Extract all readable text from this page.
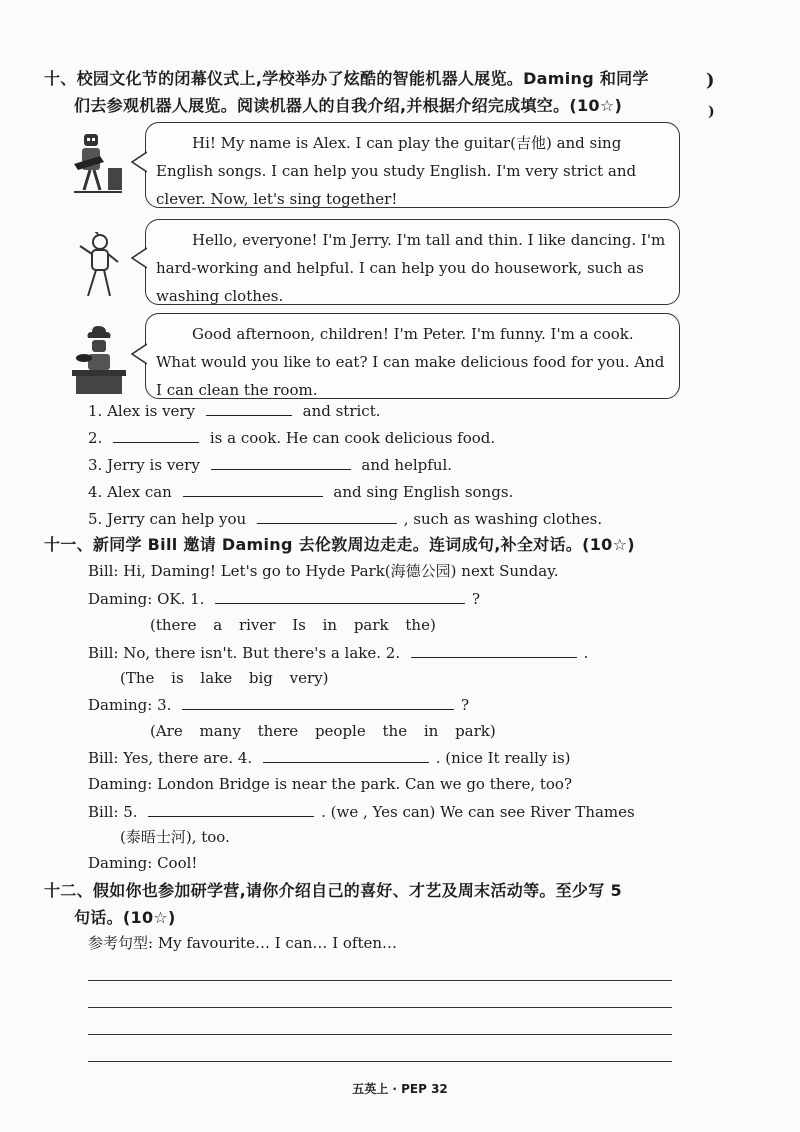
)
)
十、校园文化节的闭幕仪式上,学校举办了炫酷的智能机器人展览。Daming 和同学
们去参观机器人展览。阅读机器人的自我介绍,并根据介绍完成填空。(10☆)
Hi! My name is Alex. I can play the guitar(吉他) and sing
English songs. I can help you study English. I'm very strict and
clever. Now, let's sing together!
Hello, everyone! I'm Jerry. I'm tall and thin. I like dancing. I'm
hard-working and helpful. I can help you do housework, such as
washing clothes.
Good afternoon, children! I'm Peter. I'm funny. I'm a cook.
What would you like to eat? I can make delicious food for you. And
I can clean the room.
1. Alex is very	and strict.
2.	is a cook. He can cook delicious food.
3. Jerry is very	and helpful.
4. Alex can	and sing English songs.
5. Jerry can help you	, such as washing clothes.
十一、新同学 Bill 邀请 Daming 去伦敦周边走走。连词成句,补全对话。(10☆)
Bill: Hi, Daming! Let's go to Hyde Park(海德公园) next Sunday.
Daming: OK. 1.	?
(there a river Is in park the)
Bill: No, there isn't. But there's a lake. 2.	.
(The is lake big very)
Daming: 3.	?
(Are many there people the in park)
Bill: Yes, there are. 4.	. (nice It really is)
Daming: London Bridge is near the park. Can we go there, too?
Bill: 5.	. (we , Yes can) We can see River Thames
(泰晤士河), too.
Daming: Cool!
十二、假如你也参加研学营,请你介绍自己的喜好、才艺及周末活动等。至少写 5
句话。(10☆)
参考句型: My favourite… I can… I often…
五英上 · PEP 32
